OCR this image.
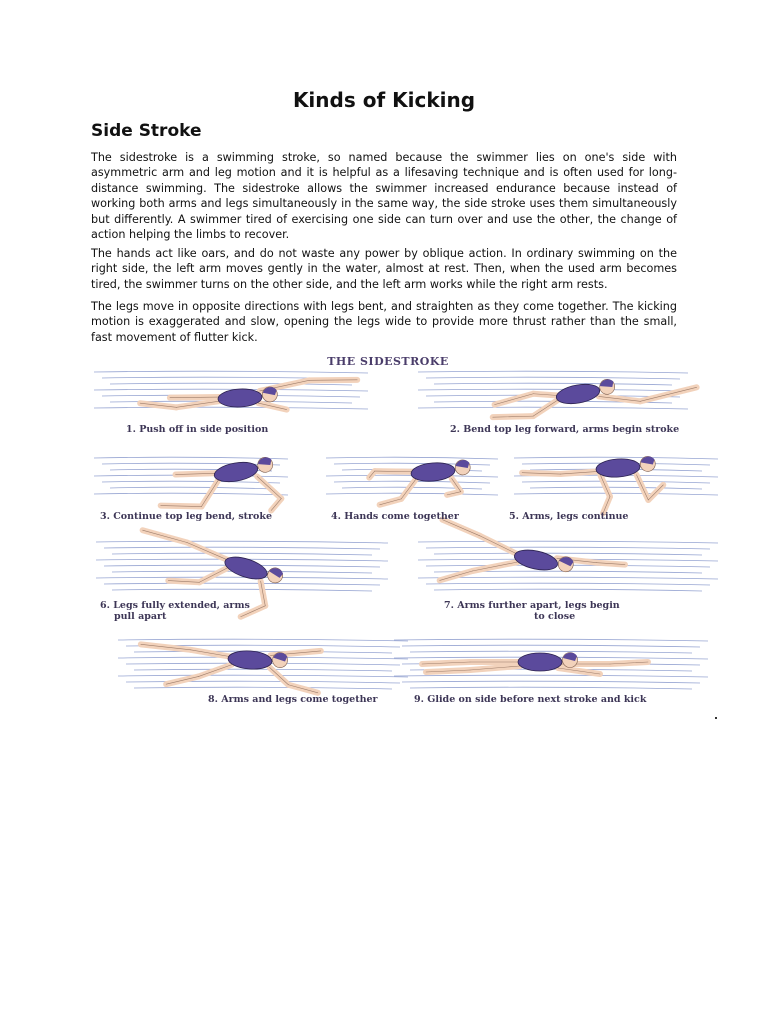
Kinds of Kicking
Side Stroke

The sidestroke is a swimming stroke, so named because the swimmer lies on one's side with asymmetric arm and leg motion and it is helpful as a lifesaving technique and is often used for long-distance swimming. The sidestroke allows the swimmer increased endurance because instead of working both arms and legs simultaneously in the same way, the side stroke uses them simultaneously but differently. A swimmer tired of exercising one side can turn over and use the other, the change of action helping the limbs to recover.

The hands act like oars, and do not waste any power by oblique action. In ordinary swimming on the right side, the left arm moves gently in the water, almost at rest. Then, when the used arm becomes tired, the swimmer turns on the other side, and the left arm works while the right arm rests.

The legs move in opposite directions with legs bent, and straighten as they come together. The kicking motion is exaggerated and slow, opening the legs wide to provide more thrust rather than the small, fast movement of flutter kick.

THE SIDESTROKE
1. Push off in side position	2. Bend top leg forward, arms begin stroke
3. Continue top leg bend, stroke	4. Hands come together	5. Arms, legs continue
6. Legs fully extended, arms
pull apart
7. Arms further apart, legs begin
to close
8. Arms and legs come together	9. Glide on side before next stroke and kick
